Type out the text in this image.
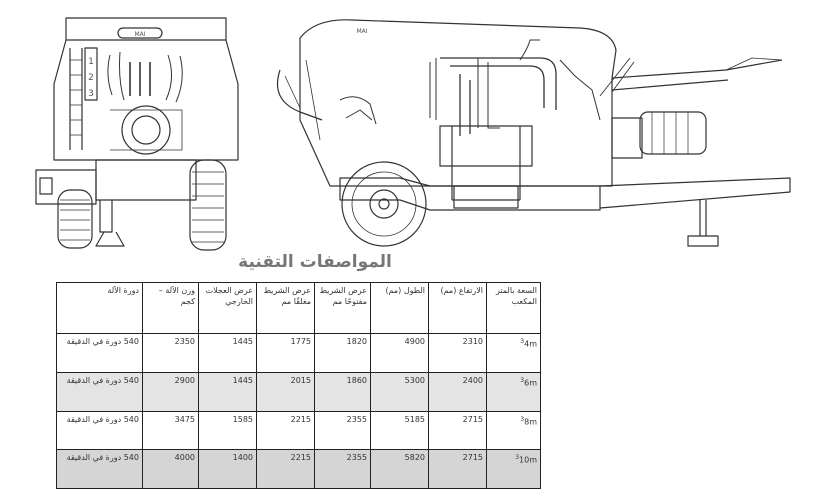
1
2
3
MAI	MAI
المواصفات التقنية
السعة بالمتر المكعب	الارتفاع (مم)	الطول (مم)	عرض الشريط مفتوحًا مم	عرض الشريط مغلقًا مم	عرض العجلات الخارجي	وزن الآلة – كجم	دورة الآلة
$4m^3$	2310	4900	1820	1775	1445	2350	540 دورة في الدقيقة
$6m^3$	2400	5300	1860	2015	1445	2900	540 دورة في الدقيقة
$8m^3$	2715	5185	2355	2215	1585	3475	540 دورة في الدقيقة
$10m^3$	2715	5820	2355	2215	1400	4000	540 دورة في الدقيقة
